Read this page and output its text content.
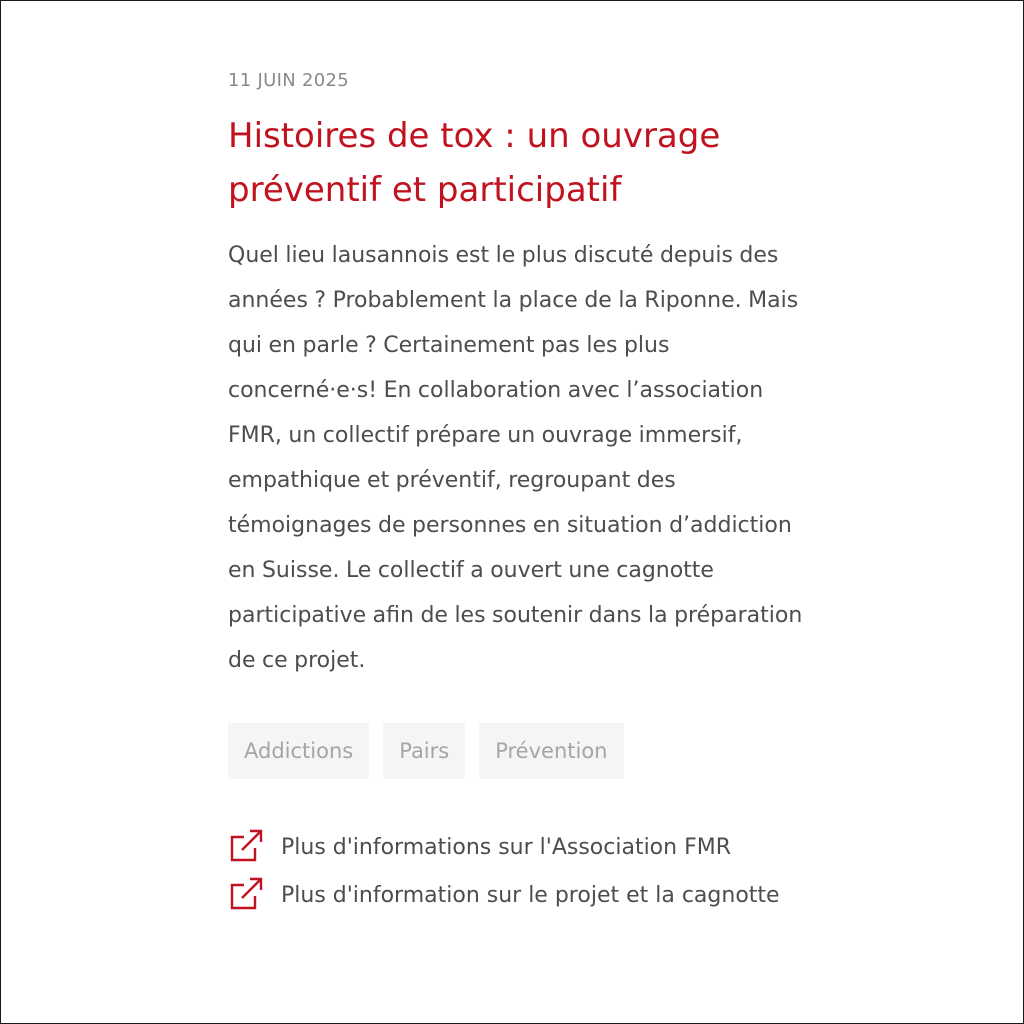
11 JUIN 2025
Histoires de tox : un ouvrage préventif et participatif

Quel lieu lausannois est le plus discuté depuis des années ? Probablement la place de la Riponne. Mais qui en parle ? Certainement pas les plus concerné·e·s! En collaboration avec l’association FMR, un collectif prépare un ouvrage immersif, empathique et préventif, regroupant des témoignages de personnes en situation d’addiction en Suisse. Le collectif a ouvert une cagnotte participative afin de les soutenir dans la préparation de ce projet.

Addictions	Pairs	Prévention
Plus d'informations sur l'Association FMR
Plus d'information sur le projet et la cagnotte
